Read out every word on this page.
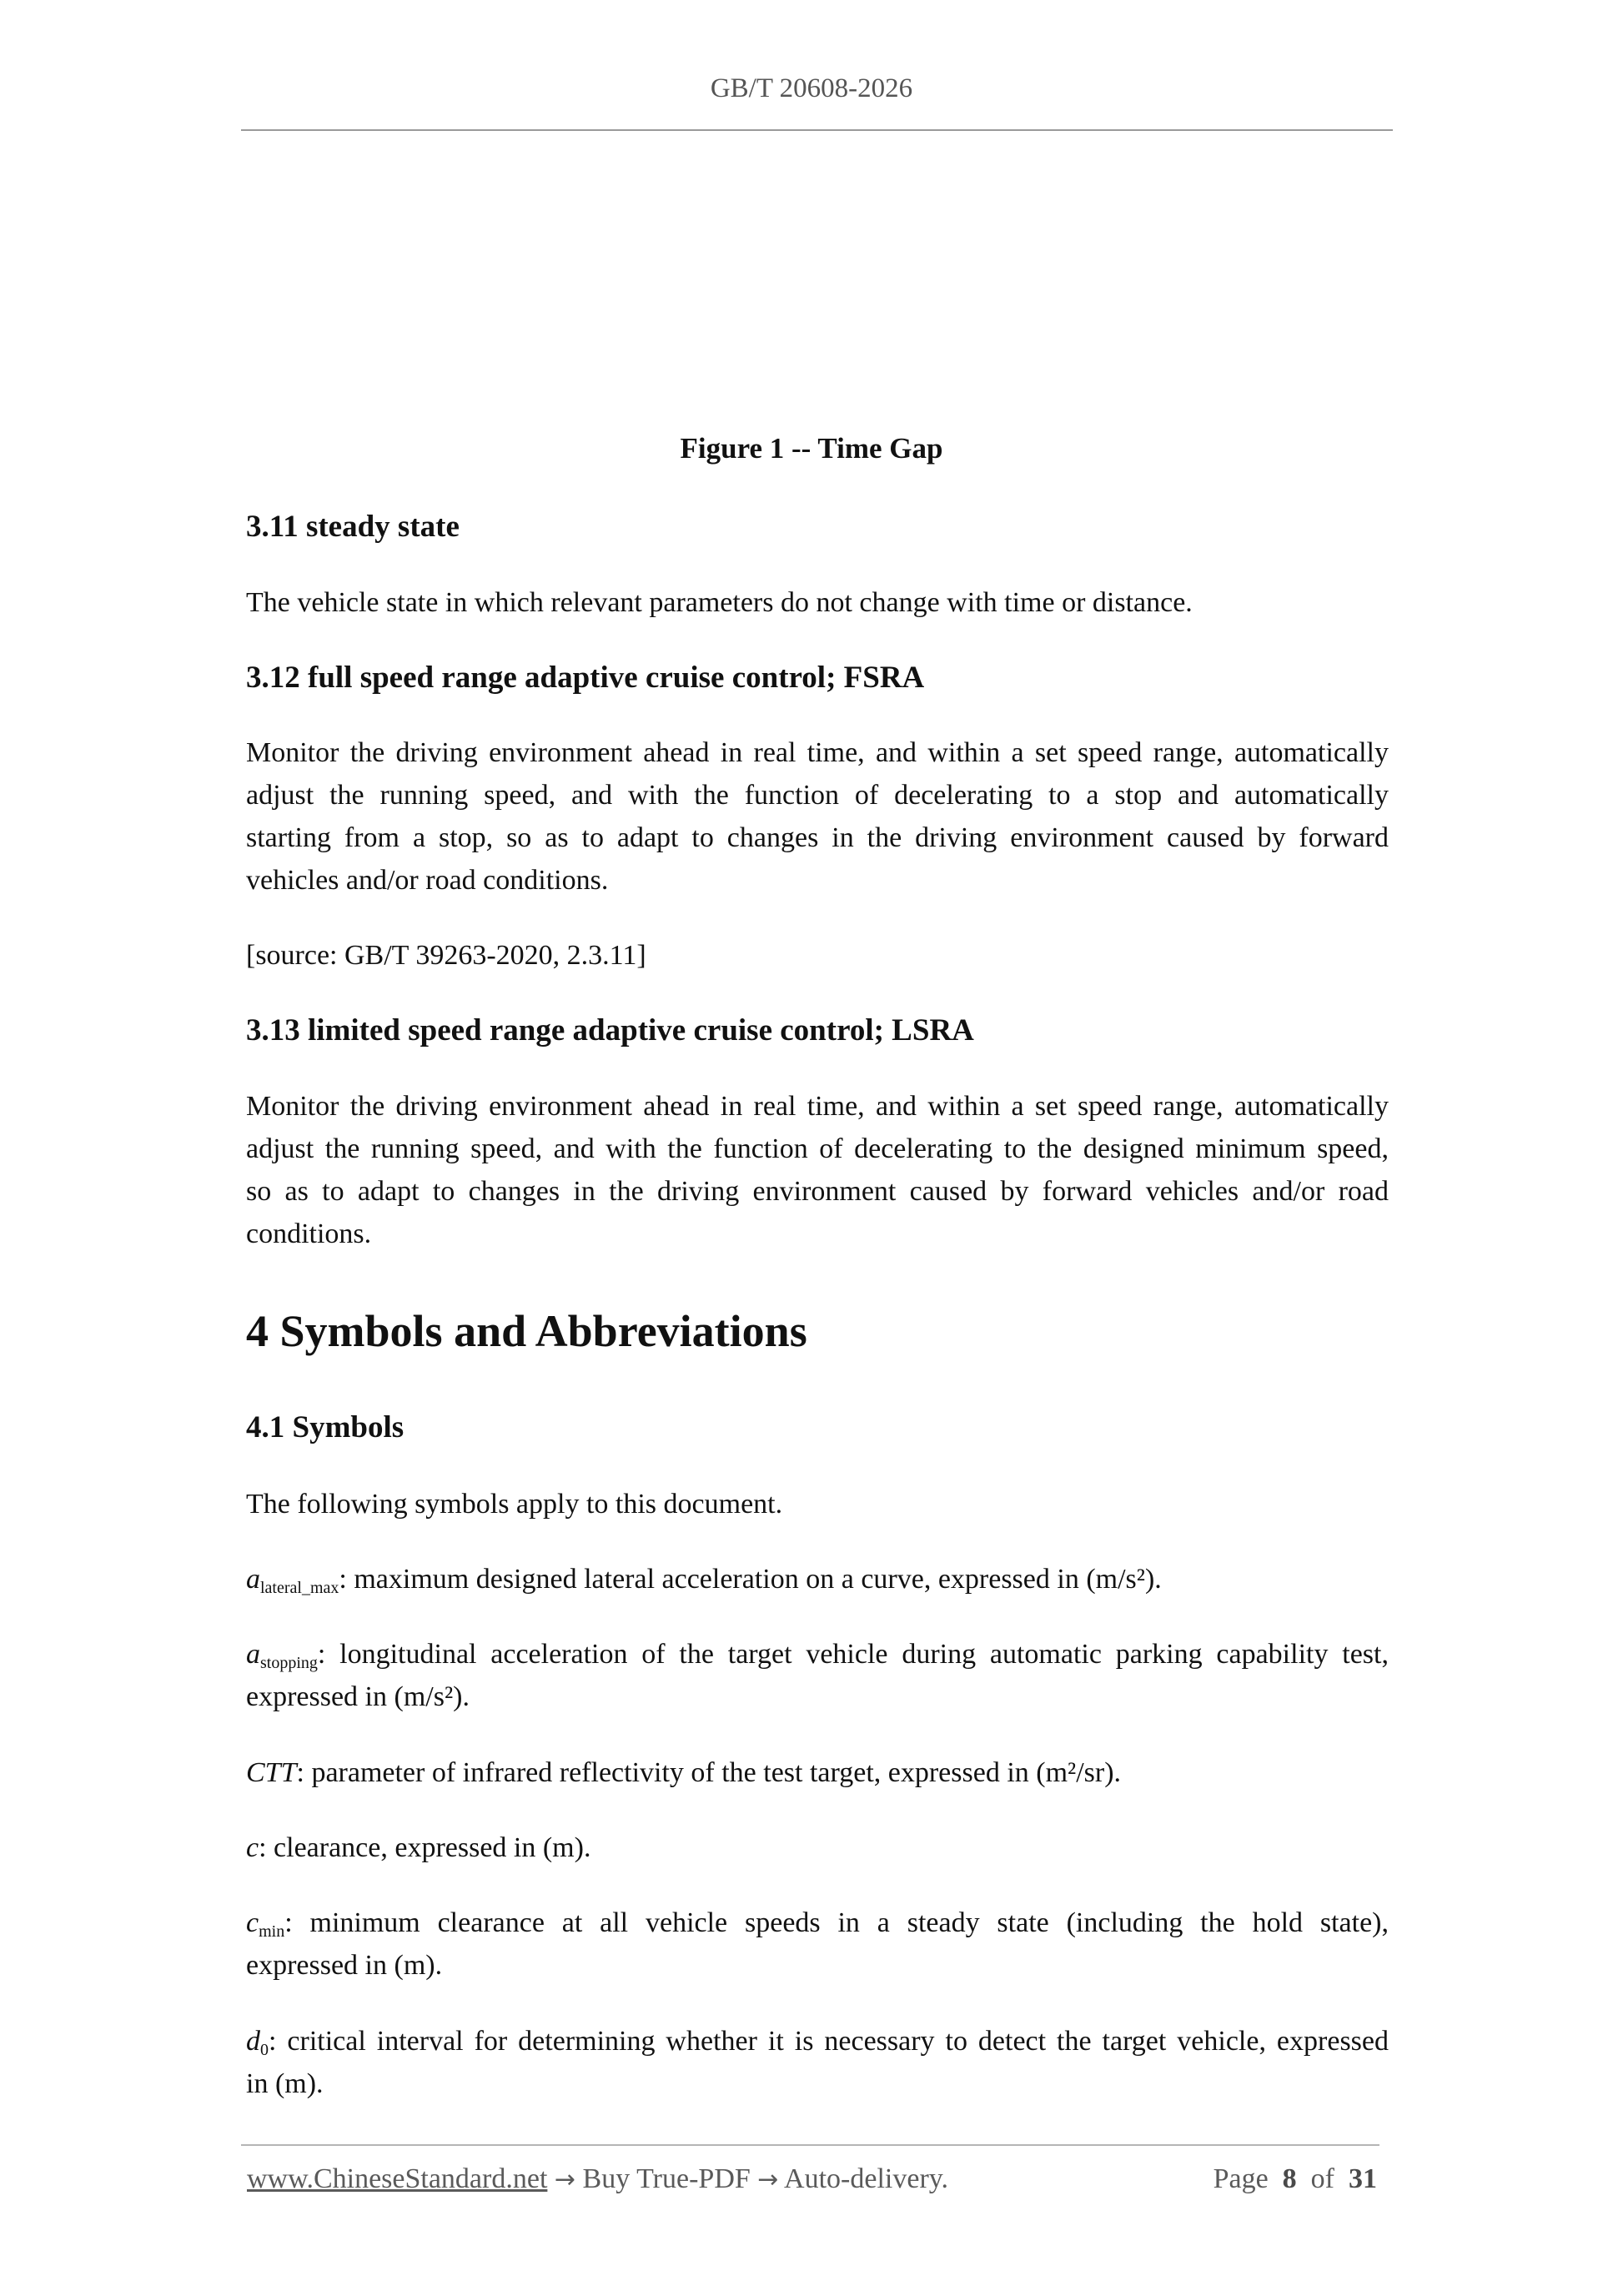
GB/T 20608-2026
Figure 1 -- Time Gap
3.11 steady state
The vehicle state in which relevant parameters do not change with time or distance.
3.12 full speed range adaptive cruise control; FSRA
Monitor the driving environment ahead in real time, and within a set speed range, automatically
adjust the running speed, and with the function of decelerating to a stop and automatically
starting from a stop, so as to adapt to changes in the driving environment caused by forward
vehicles and/or road conditions.
[source: GB/T 39263-2020, 2.3.11]
3.13 limited speed range adaptive cruise control; LSRA
Monitor the driving environment ahead in real time, and within a set speed range, automatically
adjust the running speed, and with the function of decelerating to the designed minimum speed,
so as to adapt to changes in the driving environment caused by forward vehicles and/or road
conditions.
4 Symbols and Abbreviations
4.1 Symbols
The following symbols apply to this document.
$a_{lateral\_max}$: maximum designed lateral acceleration on a curve, expressed in (m/s²).
$a_{stopping}$: longitudinal acceleration of the target vehicle during automatic parking capability test,
expressed in (m/s²).
CTT: parameter of infrared reflectivity of the test target, expressed in (m²/sr).
c: clearance, expressed in (m).
$c_{min}$: minimum clearance at all vehicle speeds in a steady state (including the hold state),
expressed in (m).
$d_0$: critical interval for determining whether it is necessary to detect the target vehicle, expressed
in (m).
www.ChineseStandard.net → Buy True-PDF → Auto-delivery.	Page 8 of 31
